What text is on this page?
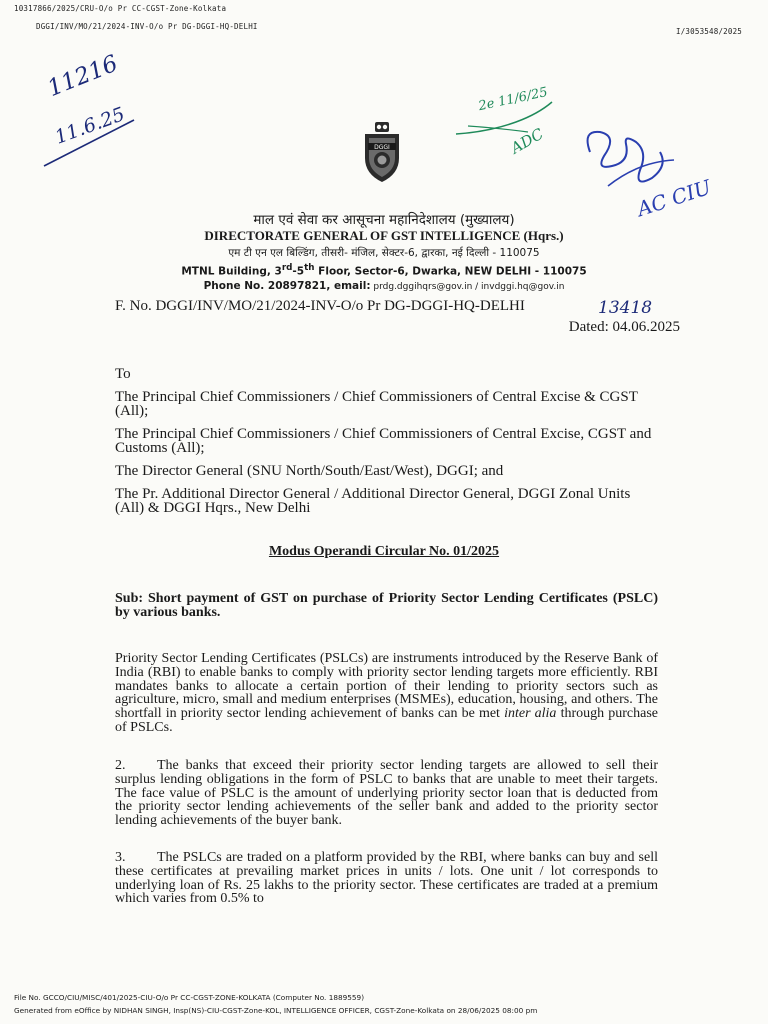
10317866/2025/CRU-O/o Pr CC-CGST-Zone-Kolkata
DGGI/INV/MO/21/2024-INV-O/o Pr DG-DGGI-HQ-DELHI
I/3053548/2025
11216
11.6.25	DGGI
2e 11/6/25
ADC
AC CIU
माल एवं सेवा कर आसूचना महानिदेशालय (मुख्यालय)
DIRECTORATE GENERAL OF GST INTELLIGENCE (Hqrs.)
एम टी एन एल बिल्डिंग, तीसरी- मंजिल, सेक्टर-6, द्वारका, नई दिल्ली - 110075
MTNL Building, 3rd-5th Floor, Sector-6, Dwarka, NEW DELHI - 110075
Phone No. 20897821, email: prdg.dggihqrs@gov.in / invdggi.hq@gov.in
F. No. DGGI/INV/MO/21/2024-INV-O/o Pr DG-DGGI-HQ-DELHI	13418
Dated: 04.06.2025
To
The Principal Chief Commissioners / Chief Commissioners of Central Excise & CGST (All);
The Principal Chief Commissioners / Chief Commissioners of Central Excise, CGST and Customs (All);
The Director General (SNU North/South/East/West), DGGI; and
The Pr. Additional Director General / Additional Director General, DGGI Zonal Units (All) & DGGI Hqrs., New Delhi
Modus Operandi Circular No. 01/2025
Sub: Short payment of GST on purchase of Priority Sector Lending Certificates (PSLC) by various banks.
Priority Sector Lending Certificates (PSLCs) are instruments introduced by the Reserve Bank of India (RBI) to enable banks to comply with priority sector lending targets more efficiently. RBI mandates banks to allocate a certain portion of their lending to priority sectors such as agriculture, micro, small and medium enterprises (MSMEs), education, housing, and others. The shortfall in priority sector lending achievement of banks can be met inter alia through purchase of PSLCs.
2. The banks that exceed their priority sector lending targets are allowed to sell their surplus lending obligations in the form of PSLC to banks that are unable to meet their targets. The face value of PSLC is the amount of underlying priority sector loan that is deducted from the priority sector lending achievements of the seller bank and added to the priority sector lending achievements of the buyer bank.
3. The PSLCs are traded on a platform provided by the RBI, where banks can buy and sell these certificates at prevailing market prices in units / lots. One unit / lot corresponds to underlying loan of Rs. 25 lakhs to the priority sector. These certificates are traded at a premium which varies from 0.5% to
File No. GCCO/CIU/MISC/401/2025-CIU-O/o Pr CC-CGST-ZONE-KOLKATA (Computer No. 1889559)
Generated from eOffice by NIDHAN SINGH, Insp(NS)-CIU-CGST-Zone-KOL, INTELLIGENCE OFFICER, CGST-Zone-Kolkata on 28/06/2025 08:00 pm
